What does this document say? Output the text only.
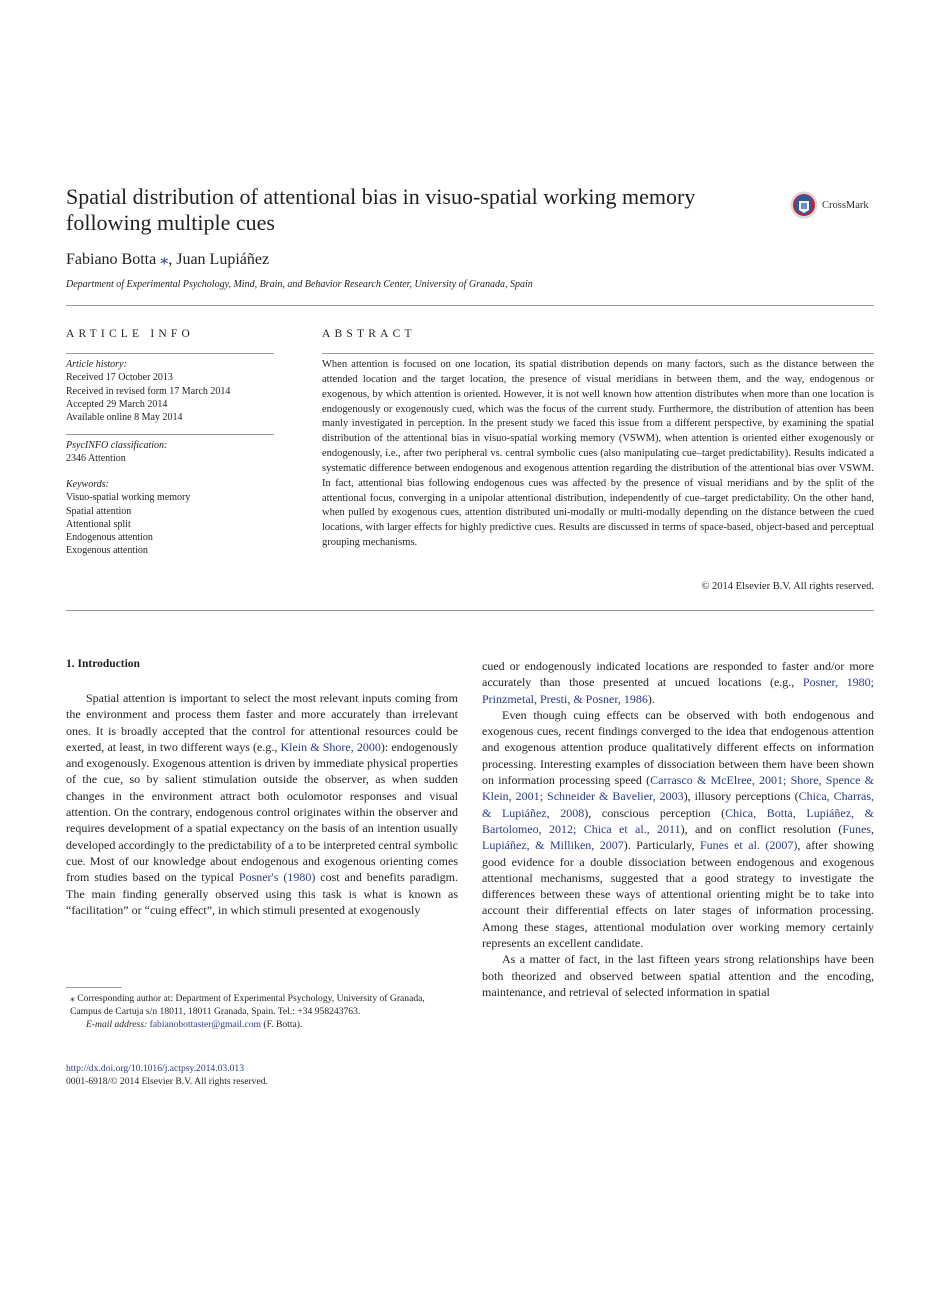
Spatial distribution of attentional bias in visuo-spatial working memory
following multiple cues
CrossMark
Fabiano Botta ⁎, Juan Lupiáñez
Department of Experimental Psychology, Mind, Brain, and Behavior Research Center, University of Granada, Spain
ARTICLE INFO
Article history:
Received 17 October 2013
Received in revised form 17 March 2014
Accepted 29 March 2014
Available online 8 May 2014
PsycINFO classification:
2346 Attention
Keywords:
Visuo-spatial working memory
Spatial attention
Attentional split
Endogenous attention
Exogenous attention
ABSTRACT

When attention is focused on one location, its spatial distribution depends on many factors, such as the distance between the attended location and the target location, the presence of visual meridians in between them, and the way, endogenous or exogenous, by which attention is oriented. However, it is not well known how attention distributes when more than one location is endogenously or exogenously cued, which was the focus of the current study. Furthermore, the distribution of attention has been manly investigated in perception. In the present study we faced this issue from a different perspective, by examining the spatial distribution of the attentional bias in visuo-spatial working memory (VSWM), when attention is oriented either exogenously or endogenously, i.e., after two peripheral vs. central symbolic cues (also manipulating cue–target predictability). Results indicated a systematic difference between endogenous and exogenous attention regarding the distribution of the attentional bias over VSWM. In fact, attentional bias following endogenous cues was affected by the presence of visual meridians and by the split of the attentional focus, converging in a unipolar attentional distribution, independently of cue–target predictability. On the other hand, when pulled by exogenous cues, attention distributed uni-modally or multi-modally depending on the distance between the cued locations, with larger effects for highly predictive cues. Results are discussed in terms of space-based, object-based and perceptual grouping mechanisms.

© 2014 Elsevier B.V. All rights reserved.
1. Introduction

Spatial attention is important to select the most relevant inputs coming from the environment and process them faster and more accurately than irrelevant ones. It is broadly accepted that the control for attentional resources could be exerted, at least, in two different ways (e.g., Klein & Shore, 2000): endogenously and exogenously. Exogenous attention is driven by immediate physical properties of the cue, so by salient stimulation outside the observer, as when sudden changes in the environment attract both oculomotor responses and visual attention. On the contrary, endogenous control originates within the observer and requires development of a spatial expectancy on the basis of an intention usually developed accordingly to the predictability of a to be interpreted central symbolic cue. Most of our knowledge about endogenous and exogenous orienting comes from studies based on the typical Posner's (1980) cost and benefits paradigm. The main finding generally observed using this task is what is known as “facilitation” or “cuing effect”, in which stimuli presented at exogenously

cued or endogenously indicated locations are responded to faster and/or more accurately than those presented at uncued locations (e.g., Posner, 1980; Prinzmetal, Presti, & Posner, 1986).

Even though cuing effects can be observed with both endogenous and exogenous cues, recent findings converged to the idea that endogenous attention and exogenous attention produce qualitatively different effects on information processing. Interesting examples of dissociation between them have been shown on information processing speed (Carrasco & McElree, 2001; Shore, Spence & Klein, 2001; Schneider & Bavelier, 2003), illusory perceptions (Chica, Charras, & Lupiáñez, 2008), conscious perception (Chica, Botta, Lupiáñez, & Bartolomeo, 2012; Chica et al., 2011), and on conflict resolution (Funes, Lupiáñez, & Milliken, 2007). Particularly, Funes et al. (2007), after showing good evidence for a double dissociation between endogenous and exogenous attentional mechanisms, suggested that a good strategy to investigate the differences between these ways of attentional orienting might be to take into account their differential effects on later stages of information processing. Among these stages, attentional modulation over working memory certainly represents an excellent candidate.

As a matter of fact, in the last fifteen years strong relationships have been both theorized and observed between spatial attention and the encoding, maintenance, and retrieval of selected information in spatial

⁎ Corresponding author at: Department of Experimental Psychology, University of Granada, Campus de Cartuja s/n 18011, 18011 Granada, Spain. Tel.: +34 958243763.
E-mail address: fabianobottaster@gmail.com (F. Botta).
http://dx.doi.org/10.1016/j.actpsy.2014.03.013
0001-6918/© 2014 Elsevier B.V. All rights reserved.
